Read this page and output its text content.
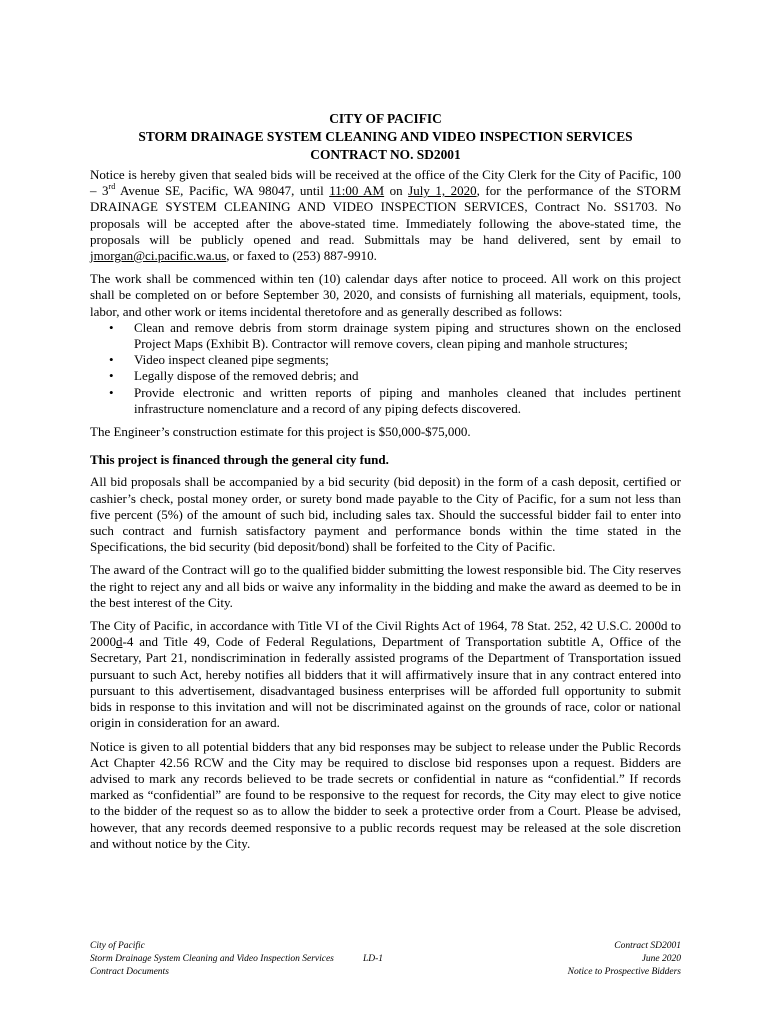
CITY OF PACIFIC
STORM DRAINAGE SYSTEM CLEANING AND VIDEO INSPECTION SERVICES
CONTRACT NO. SD2001

Notice is hereby given that sealed bids will be received at the office of the City Clerk for the City of Pacific, 100 – 3rd Avenue SE, Pacific, WA 98047, until 11:00 AM on July 1, 2020, for the performance of the STORM DRAINAGE SYSTEM CLEANING AND VIDEO INSPECTION SERVICES, Contract No. SS1703. No proposals will be accepted after the above-stated time. Immediately following the above-stated time, the proposals will be publicly opened and read. Submittals may be hand delivered, sent by email to jmorgan@ci.pacific.wa.us, or faxed to (253) 887-9910.

The work shall be commenced within ten (10) calendar days after notice to proceed. All work on this project shall be completed on or before September 30, 2020, and consists of furnishing all materials, equipment, tools, labor, and other work or items incidental theretofore and as generally described as follows:

• Clean and remove debris from storm drainage system piping and structures shown on the enclosed Project Maps (Exhibit B). Contractor will remove covers, clean piping and manhole structures;
• Video inspect cleaned pipe segments;
• Legally dispose of the removed debris; and
• Provide electronic and written reports of piping and manholes cleaned that includes pertinent infrastructure nomenclature and a record of any piping defects discovered.

The Engineer’s construction estimate for this project is $50,000-$75,000.

This project is financed through the general city fund.

All bid proposals shall be accompanied by a bid security (bid deposit) in the form of a cash deposit, certified or cashier’s check, postal money order, or surety bond made payable to the City of Pacific, for a sum not less than five percent (5%) of the amount of such bid, including sales tax. Should the successful bidder fail to enter into such contract and furnish satisfactory payment and performance bonds within the time stated in the Specifications, the bid security (bid deposit/bond) shall be forfeited to the City of Pacific.

The award of the Contract will go to the qualified bidder submitting the lowest responsible bid. The City reserves the right to reject any and all bids or waive any informality in the bidding and make the award as deemed to be in the best interest of the City.

The City of Pacific, in accordance with Title VI of the Civil Rights Act of 1964, 78 Stat. 252, 42 U.S.C. 2000d to 2000d-4 and Title 49, Code of Federal Regulations, Department of Transportation subtitle A, Office of the Secretary, Part 21, nondiscrimination in federally assisted programs of the Department of Transportation issued pursuant to such Act, hereby notifies all bidders that it will affirmatively insure that in any contract entered into pursuant to this advertisement, disadvantaged business enterprises will be afforded full opportunity to submit bids in response to this invitation and will not be discriminated against on the grounds of race, color or national origin in consideration for an award.

Notice is given to all potential bidders that any bid responses may be subject to release under the Public Records Act Chapter 42.56 RCW and the City may be required to disclose bid responses upon a request. Bidders are advised to mark any records believed to be trade secrets or confidential in nature as “confidential.” If records marked as “confidential” are found to be responsive to the request for records, the City may elect to give notice to the bidder of the request so as to allow the bidder to seek a protective order from a Court. Please be advised, however, that any records deemed responsive to a public records request may be released at the sole discretion and without notice by the City.

City of Pacific
Storm Drainage System Cleaning and Video Inspection Services
Contract Documents
LD-1
Contract SD2001
June 2020
Notice to Prospective Bidders
